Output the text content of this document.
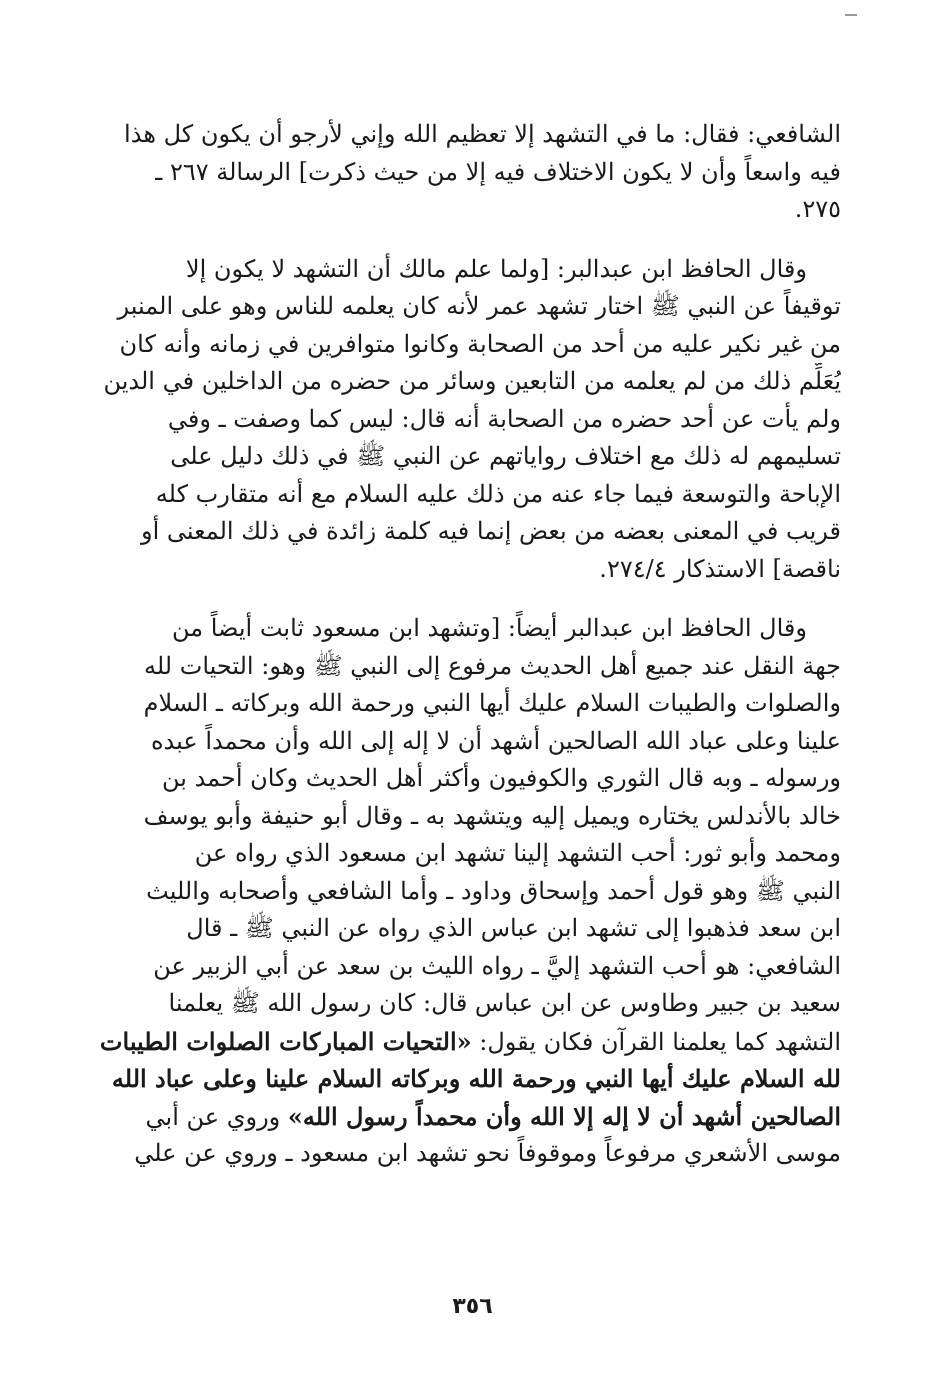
الشافعي: فقال: ما في التشهد إلا تعظيم الله وإني لأرجو أن يكون كل هذا
فيه واسعاً وأن لا يكون الاختلاف فيه إلا من حيث ذكرت] الرسالة ٢٦٧ ـ
٢٧٥.
وقال الحافظ ابن عبدالبر: [ولما علم مالك أن التشهد لا يكون إلا
توقيفاً عن النبي ﷺ اختار تشهد عمر لأنه كان يعلمه للناس وهو على المنبر
من غير نكير عليه من أحد من الصحابة وكانوا متوافرين في زمانه وأنه كان
يُعَلِّم ذلك من لم يعلمه من التابعين وسائر من حضره من الداخلين في الدين
ولم يأت عن أحد حضره من الصحابة أنه قال: ليس كما وصفت ـ وفي
تسليمهم له ذلك مع اختلاف رواياتهم عن النبي ﷺ في ذلك دليل على
الإباحة والتوسعة فيما جاء عنه من ذلك عليه السلام مع أنه متقارب كله
قريب في المعنى بعضه من بعض إنما فيه كلمة زائدة في ذلك المعنى أو
ناقصة] الاستذكار ٢٧٤/٤.
وقال الحافظ ابن عبدالبر أيضاً: [وتشهد ابن مسعود ثابت أيضاً من
جهة النقل عند جميع أهل الحديث مرفوع إلى النبي ﷺ وهو: التحيات لله
والصلوات والطيبات السلام عليك أيها النبي ورحمة الله وبركاته ـ السلام
علينا وعلى عباد الله الصالحين أشهد أن لا إله إلى الله وأن محمداً عبده
ورسوله ـ وبه قال الثوري والكوفيون وأكثر أهل الحديث وكان أحمد بن
خالد بالأندلس يختاره ويميل إليه ويتشهد به ـ وقال أبو حنيفة وأبو يوسف
ومحمد وأبو ثور: أحب التشهد إلينا تشهد ابن مسعود الذي رواه عن
النبي ﷺ وهو قول أحمد وإسحاق وداود ـ وأما الشافعي وأصحابه والليث
ابن سعد فذهبوا إلى تشهد ابن عباس الذي رواه عن النبي ﷺ ـ قال
الشافعي: هو أحب التشهد إليَّ ـ رواه الليث بن سعد عن أبي الزبير عن
سعيد بن جبير وطاوس عن ابن عباس قال: كان رسول الله ﷺ يعلمنا
التشهد كما يعلمنا القرآن فكان يقول: «التحيات المباركات الصلوات الطيبات
لله السلام عليك أيها النبي ورحمة الله وبركاته السلام علينا وعلى عباد الله
الصالحين أشهد أن لا إله إلا الله وأن محمداً رسول الله» وروي عن أبي
موسى الأشعري مرفوعاً وموقوفاً نحو تشهد ابن مسعود ـ وروي عن علي
٣٥٦
